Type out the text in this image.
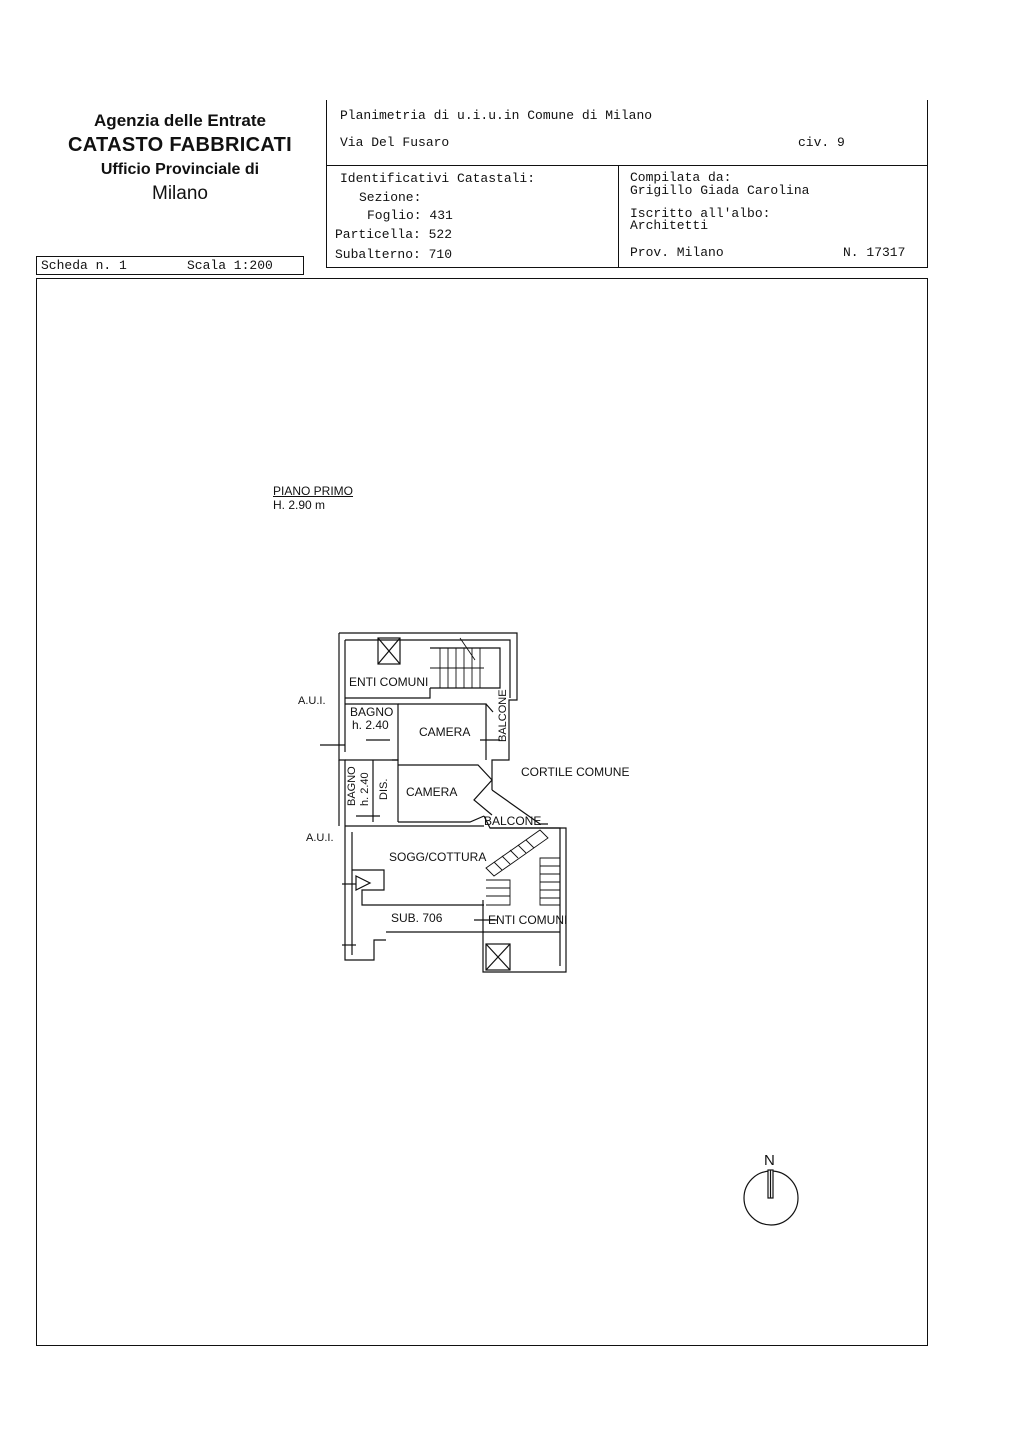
Agenzia delle Entrate
CATASTO FABBRICATI
Ufficio Provinciale di
Milano
Scheda n. 1	Scala 1:200
Planimetria di u.i.u.in Comune di Milano
Via Del Fusaro	civ. 9
Identificativi Catastali:
Sezione:
Foglio: 431
Particella: 522
Subalterno: 710
Compilata da:
Grigillo Giada Carolina
Iscritto all'albo:
Architetti
Prov. Milano	N. 17317
PIANO PRIMO
H. 2.90 m
ENTI COMUNI
A.U.I.
BAGNO
h. 2.40	CAMERA BALCONE
CORTILE COMUNE
BAGNO h. 2.40 DIS. CAMERA
BALCONE
A.U.I.
SOGG/COTTURA
SUB. 706	ENTI COMUNI
N
